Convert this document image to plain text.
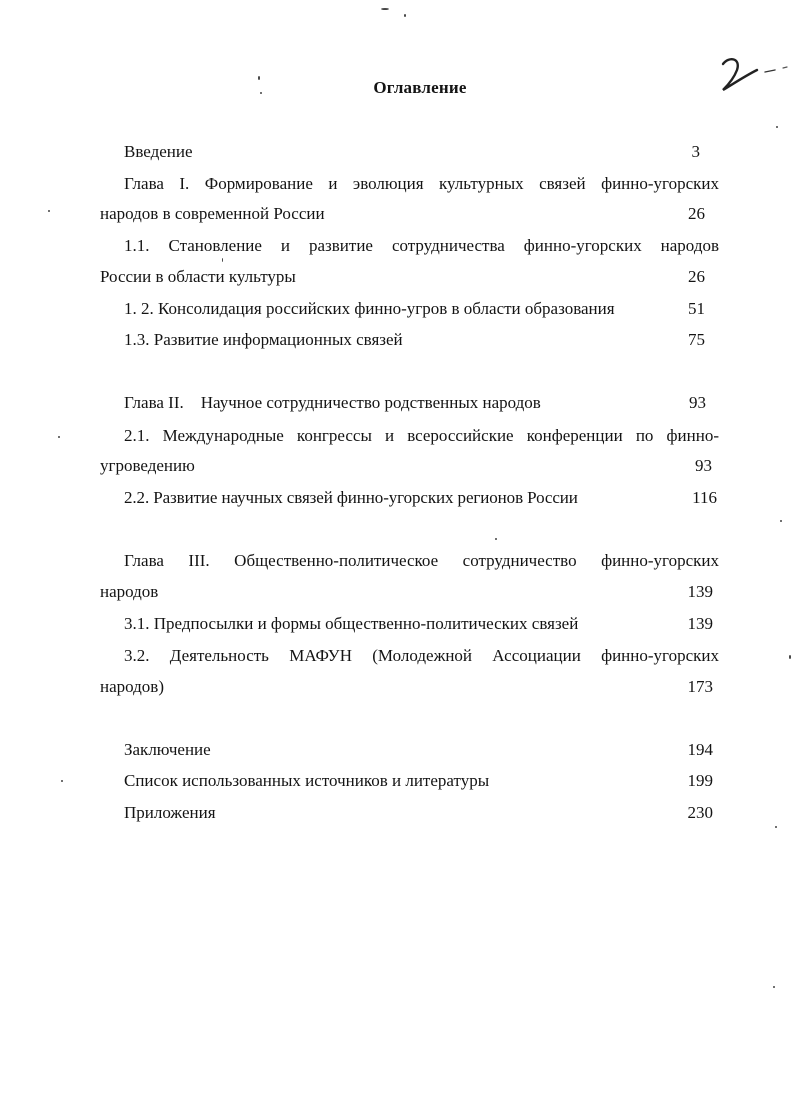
Оглавление
Введение	3
Глава I. Формирование и эволюция культурных связей финно-угорских
народов в современной России	26
1.1. Становление и развитие сотрудничества финно-угорских народов
России в области культуры	26
1. 2. Консолидация российских финно-угров в области образования	51
1.3. Развитие информационных связей	75
Глава II.    Научное сотрудничество родственных народов	93
2.1. Международные конгрессы и всероссийские конференции по финно-
угроведению	93
2.2. Развитие научных связей финно-угорских регионов России	116
Глава III. Общественно-политическое сотрудничество финно-угорских
народов	139
3.1. Предпосылки и формы общественно-политических связей	139
3.2. Деятельность МАФУН (Молодежной Ассоциации финно-угорских
народов)	173
Заключение	194
Список использованных источников и литературы	199
Приложения	230
